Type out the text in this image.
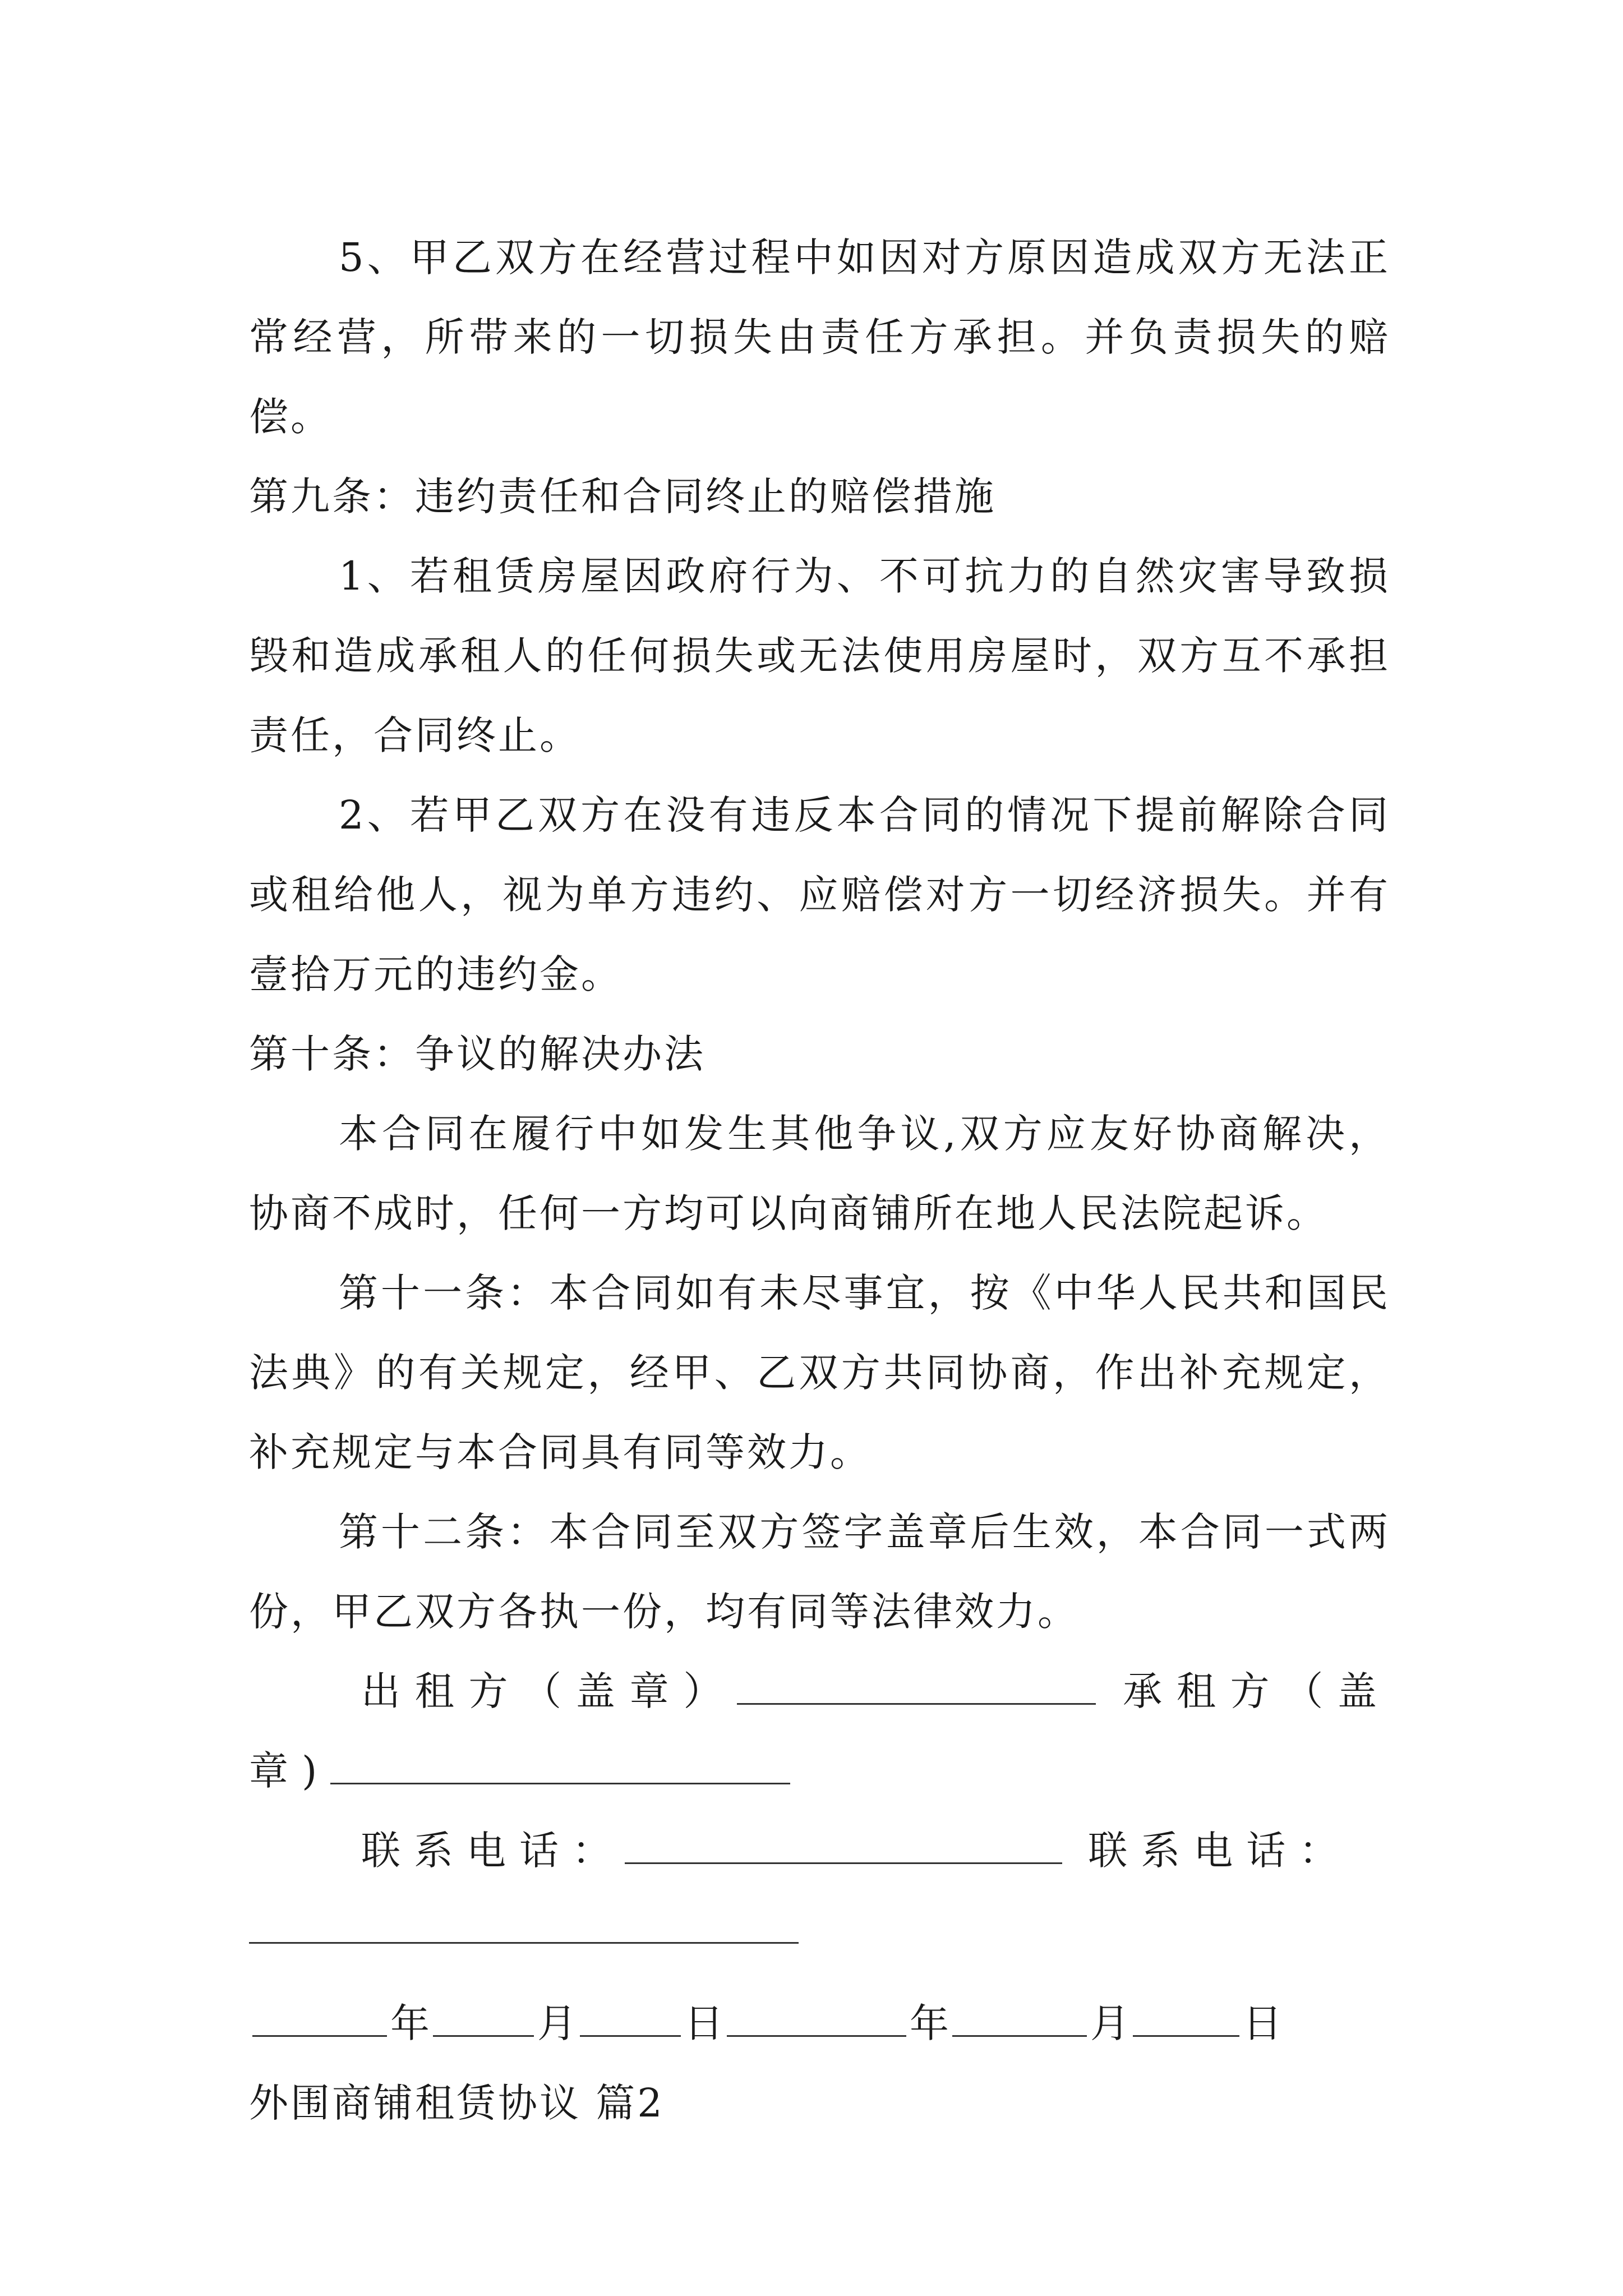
5、甲乙双方在经营过程中如因对方原因造成双方无法正常经营，所带来的一切损失由责任方承担。并负责损失的赔偿。

第九条：违约责任和合同终止的赔偿措施

1、若租赁房屋因政府行为、不可抗力的自然灾害导致损毁和造成承租人的任何损失或无法使用房屋时，双方互不承担责任，合同终止。

2、若甲乙双方在没有违反本合同的情况下提前解除合同或租给他人，视为单方违约、应赔偿对方一切经济损失。并有壹拾万元的违约金。

第十条：争议的解决办法

本合同在履行中如发生其他争议,双方应友好协商解决，协商不成时，任何一方均可以向商铺所在地人民法院起诉。

第十一条：本合同如有未尽事宜，按《中华人民共和国民法典》的有关规定，经甲、乙双方共同协商，作出补充规定，补充规定与本合同具有同等效力。

第十二条：本合同至双方签字盖章后生效，本合同一式两份，甲乙双方各执一份，均有同等法律效力。

出租方（盖章）	承租方（盖章)

联系电话：	联系电话：

年	月	日	年	月	日

外围商铺租赁协议 篇2
